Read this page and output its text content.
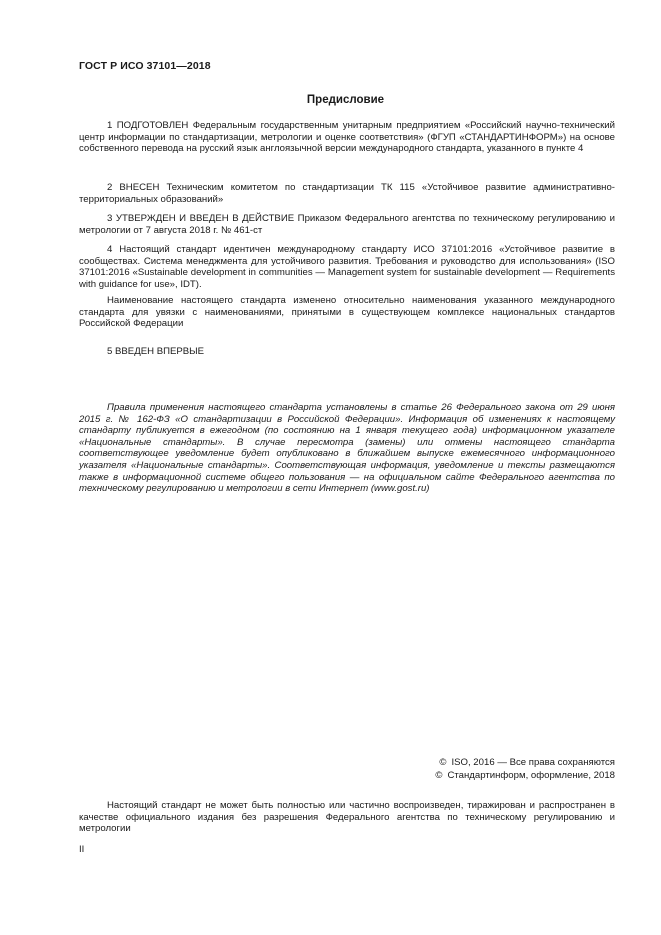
ГОСТ Р ИСО 37101—2018
Предисловие

1 ПОДГОТОВЛЕН Федеральным государственным унитарным предприятием «Российский научно-технический центр информации по стандартизации, метрологии и оценке соответствия» (ФГУП «СТАНДАРТИНФОРМ») на основе собственного перевода на русский язык англоязычной версии международного стандарта, указанного в пункте 4

2 ВНЕСЕН Техническим комитетом по стандартизации ТК 115 «Устойчивое развитие административно-территориальных образований»

3 УТВЕРЖДЕН И ВВЕДЕН В ДЕЙСТВИЕ Приказом Федерального агентства по техническому регулированию и метрологии от 7 августа 2018 г. № 461-ст

4 Настоящий стандарт идентичен международному стандарту ИСО 37101:2016 «Устойчивое развитие в сообществах. Система менеджмента для устойчивого развития. Требования и руководство для использования» (ISO 37101:2016 «Sustainable development in communities — Management system for sustainable development — Requirements with guidance for use», IDT).

Наименование настоящего стандарта изменено относительно наименования указанного международного стандарта для увязки с наименованиями, принятыми в существующем комплексе национальных стандартов Российской Федерации

5 ВВЕДЕН ВПЕРВЫЕ

Правила применения настоящего стандарта установлены в статье 26 Федерального закона от 29 июня 2015 г. № 162-ФЗ «О стандартизации в Российской Федерации». Информация об изменениях к настоящему стандарту публикуется в ежегодном (по состоянию на 1 января текущего года) информационном указателе «Национальные стандарты». В случае пересмотра (замены) или отмены настоящего стандарта соответствующее уведомление будет опубликовано в ближайшем выпуске ежемесячного информационного указателя «Национальные стандарты». Соответствующая информация, уведомление и тексты размещаются также в информационной системе общего пользования — на официальном сайте Федерального агентства по техническому регулированию и метрологии в сети Интернет (www.gost.ru)

© ISO, 2016 — Все права сохраняются
© Стандартинформ, оформление, 2018

Настоящий стандарт не может быть полностью или частично воспроизведен, тиражирован и распространен в качестве официального издания без разрешения Федерального агентства по техническому регулированию и метрологии

II
